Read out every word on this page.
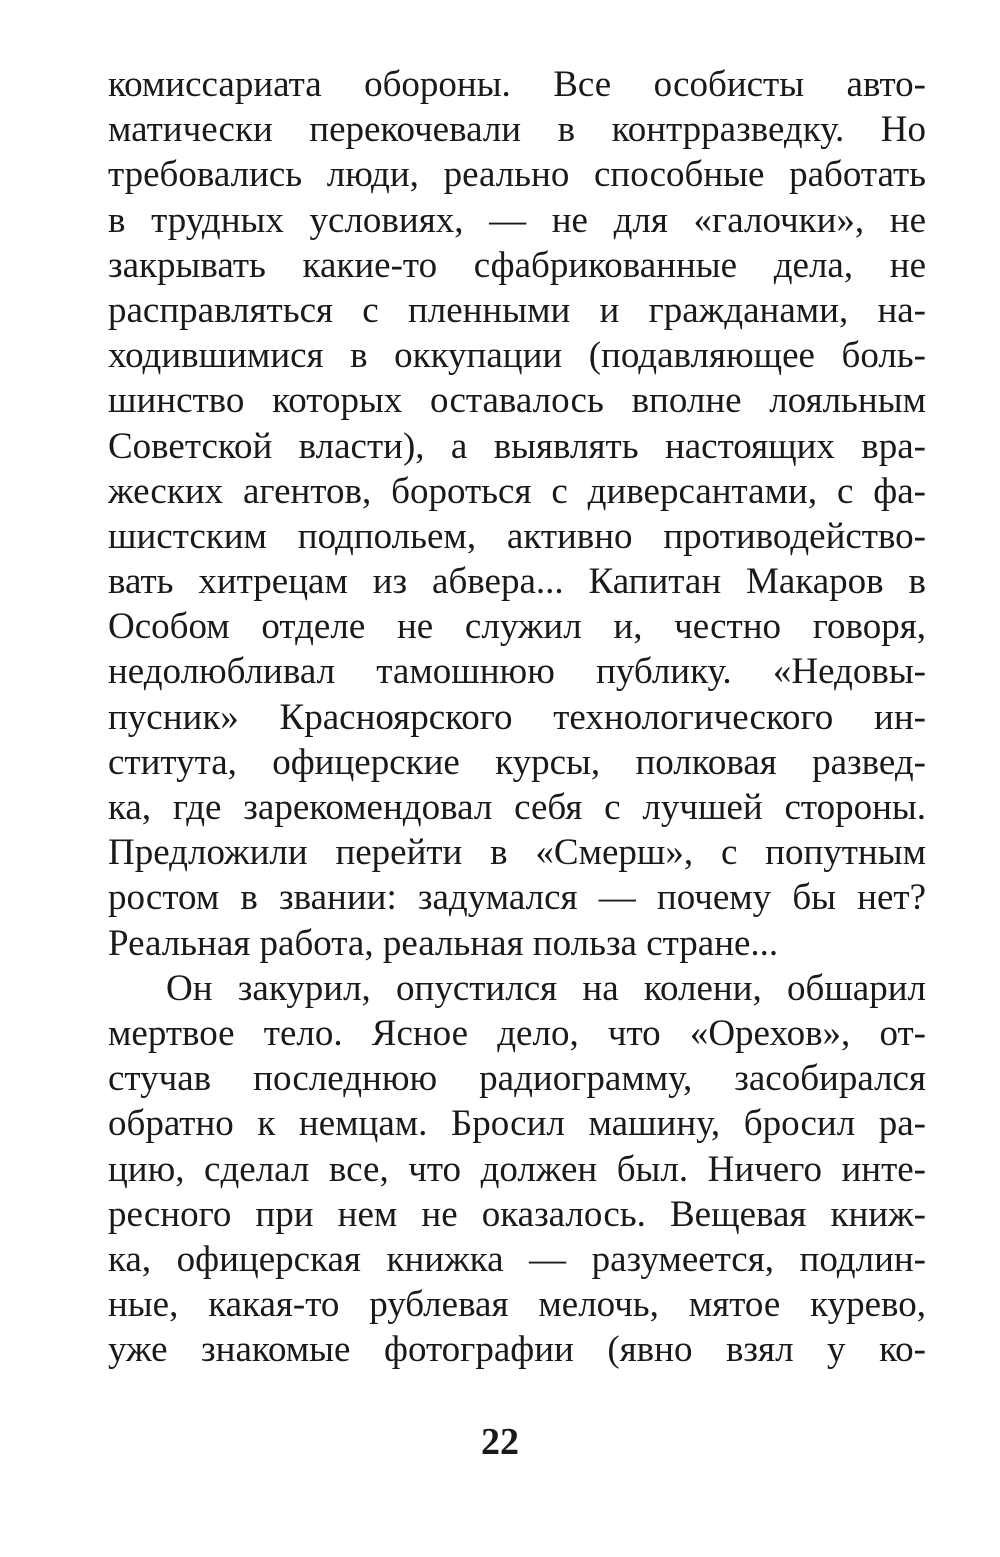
комиссариата обороны. Все особисты авто-
матически перекочевали в контрразведку. Но
требовались люди, реально способные работать
в трудных условиях, — не для «галочки», не
закрывать какие-то сфабрикованные дела, не
расправляться с пленными и гражданами, на-
ходившимися в оккупации (подавляющее боль-
шинство которых оставалось вполне лояльным
Советской власти), а выявлять настоящих вра-
жеских агентов, бороться с диверсантами, с фа-
шистским подпольем, активно противодейство-
вать хитрецам из абвера... Капитан Макаров в
Особом отделе не служил и, честно говоря,
недолюбливал тамошнюю публику. «Недовы-
пусник» Красноярского технологического ин-
ститута, офицерские курсы, полковая развед-
ка, где зарекомендовал себя с лучшей стороны.
Предложили перейти в «Смерш», с попутным
ростом в звании: задумался — почему бы нет?
Реальная работа, реальная польза стране...
Он закурил, опустился на колени, обшарил
мертвое тело. Ясное дело, что «Орехов», от-
стучав последнюю радиограмму, засобирался
обратно к немцам. Бросил машину, бросил ра-
цию, сделал все, что должен был. Ничего инте-
ресного при нем не оказалось. Вещевая книж-
ка, офицерская книжка — разумеется, подлин-
ные, какая-то рублевая мелочь, мятое курево,
уже знакомые фотографии (явно взял у ко-
22
